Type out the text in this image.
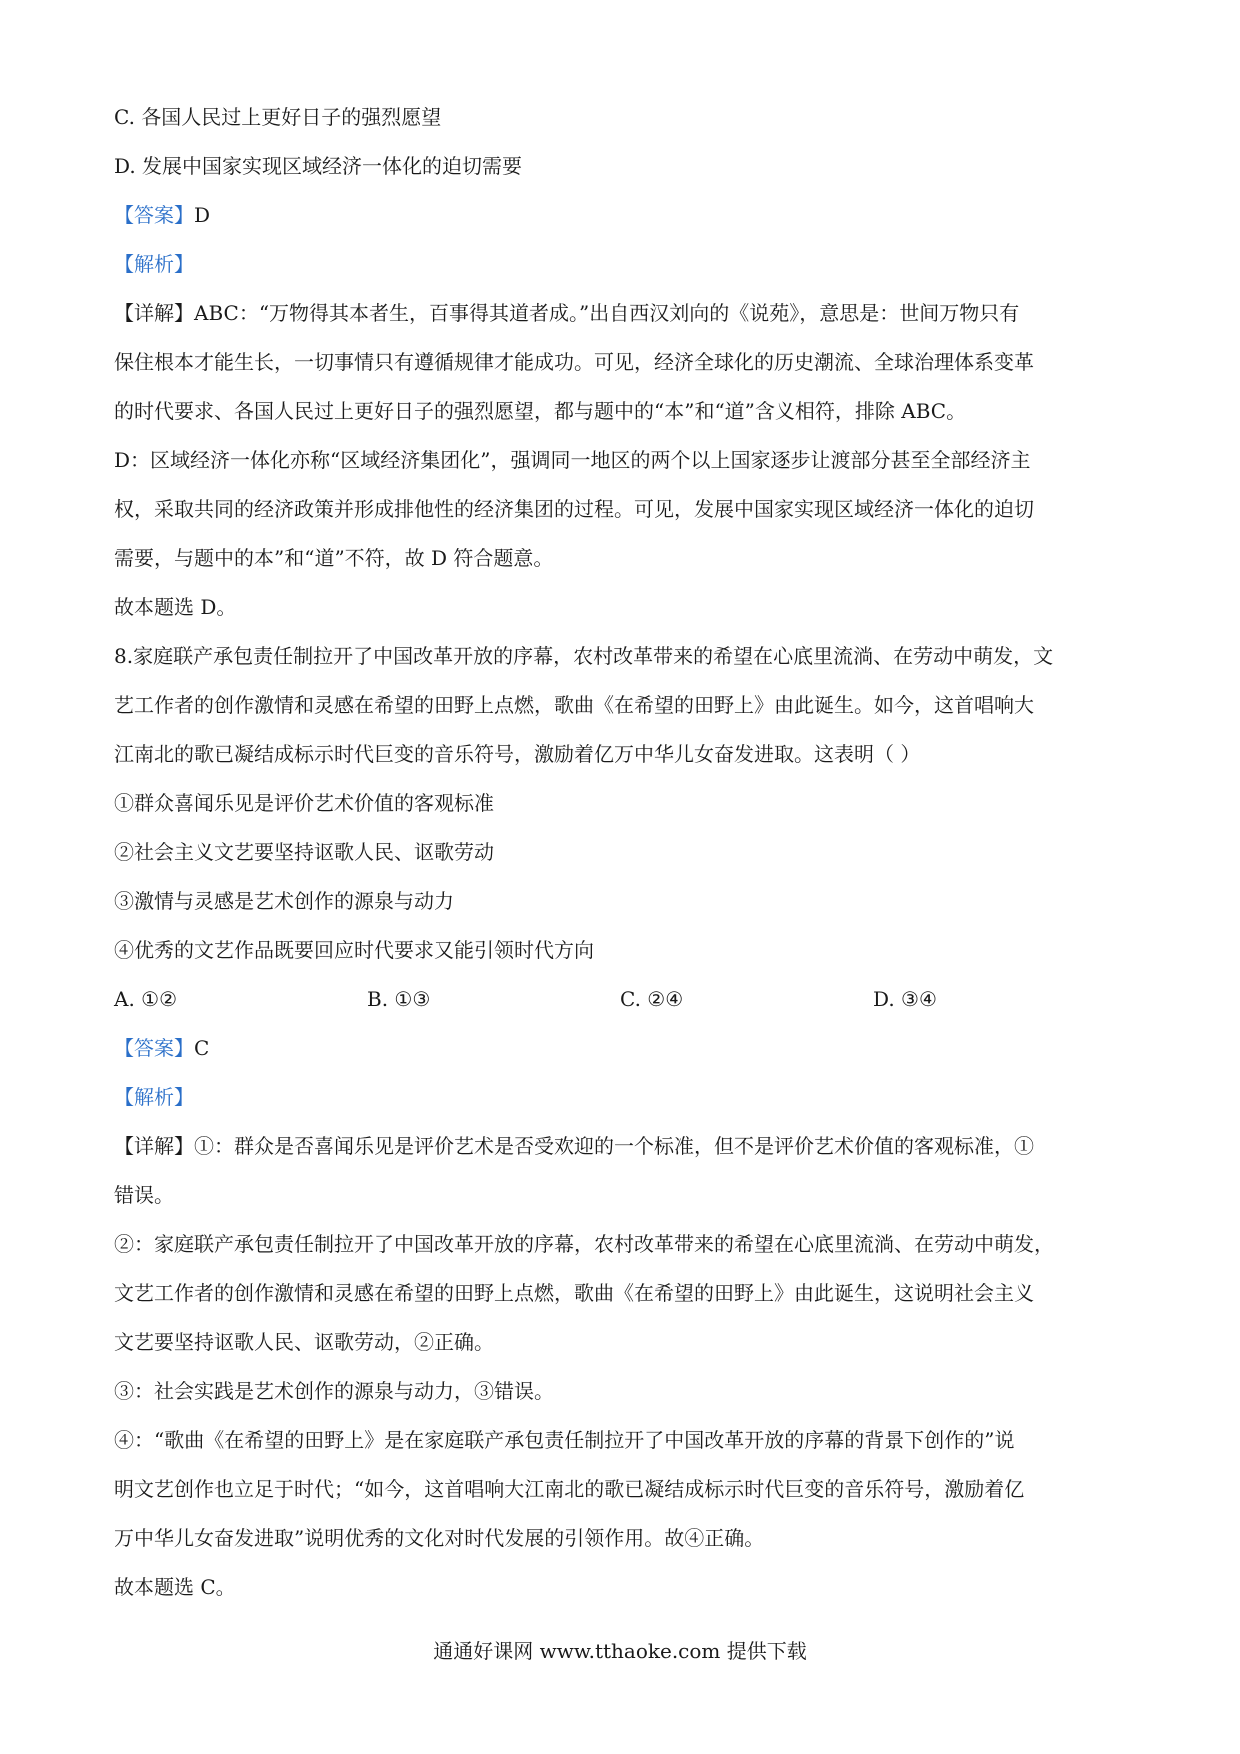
C. 各国人民过上更好日子的强烈愿望

D. 发展中国家实现区域经济一体化的迫切需要

【答案】D

【解析】

【详解】ABC：“万物得其本者生，百事得其道者成。”出自西汉刘向的《说苑》，意思是：世间万物只有

保住根本才能生长，一切事情只有遵循规律才能成功。可见，经济全球化的历史潮流、全球治理体系变革

的时代要求、各国人民过上更好日子的强烈愿望，都与题中的“本”和“道”含义相符，排除 ABC。

D：区域经济一体化亦称“区域经济集团化”，强调同一地区的两个以上国家逐步让渡部分甚至全部经济主

权，采取共同的经济政策并形成排他性的经济集团的过程。可见，发展中国家实现区域经济一体化的迫切

需要，与题中的本”和“道”不符，故 D 符合题意。

故本题选 D。

8.家庭联产承包责任制拉开了中国改革开放的序幕，农村改革带来的希望在心底里流淌、在劳动中萌发，文

艺工作者的创作激情和灵感在希望的田野上点燃，歌曲《在希望的田野上》由此诞生。如今，这首唱响大

江南北的歌已凝结成标示时代巨变的音乐符号，激励着亿万中华儿女奋发进取。这表明（ ）

①群众喜闻乐见是评价艺术价值的客观标准

②社会主义文艺要坚持讴歌人民、讴歌劳动

③激情与灵感是艺术创作的源泉与动力

④优秀的文艺作品既要回应时代要求又能引领时代方向

A. ①②	B. ①③	C. ②④	D. ③④

【答案】C

【解析】

【详解】①：群众是否喜闻乐见是评价艺术是否受欢迎的一个标准，但不是评价艺术价值的客观标准，①

错误。

②：家庭联产承包责任制拉开了中国改革开放的序幕，农村改革带来的希望在心底里流淌、在劳动中萌发，

文艺工作者的创作激情和灵感在希望的田野上点燃，歌曲《在希望的田野上》由此诞生，这说明社会主义

文艺要坚持讴歌人民、讴歌劳动，②正确。

③：社会实践是艺术创作的源泉与动力，③错误。

④：“歌曲《在希望的田野上》是在家庭联产承包责任制拉开了中国改革开放的序幕的背景下创作的”说

明文艺创作也立足于时代；“如今，这首唱响大江南北的歌已凝结成标示时代巨变的音乐符号，激励着亿

万中华儿女奋发进取”说明优秀的文化对时代发展的引领作用。故④正确。

故本题选 C。

通通好课网 www.tthaoke.com 提供下载
